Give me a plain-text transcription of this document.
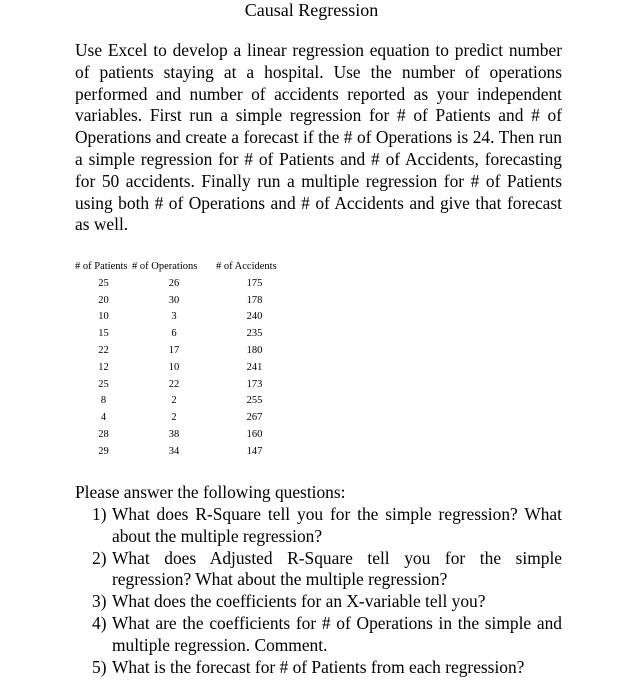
Causal Regression

Use Excel to develop a linear regression equation to predict number of patients staying at a hospital. Use the number of operations performed and number of accidents reported as your independent variables. First run a simple regression for # of Patients and # of Operations and create a forecast if the # of Operations is 24. Then run a simple regression for # of Patients and # of Accidents, forecasting for 50 accidents. Finally run a multiple regression for # of Patients using both # of Operations and # of Accidents and give that forecast as well.

# of Patients	# of Operations	# of Accidents
25	26	175
20	30	178
10	3	240
15	6	235
22	17	180
12	10	241
25	22	173
8	2	255
4	2	267
28	38	160
29	34	147

Please answer the following questions:

1) What does R-Square tell you for the simple regression? What about the multiple regression?
2) What does Adjusted R-Square tell you for the simple regression? What about the multiple regression?
3) What does the coefficients for an X-variable tell you?
4) What are the coefficients for # of Operations in the simple and multiple regression. Comment.
5) What is the forecast for # of Patients from each regression?
